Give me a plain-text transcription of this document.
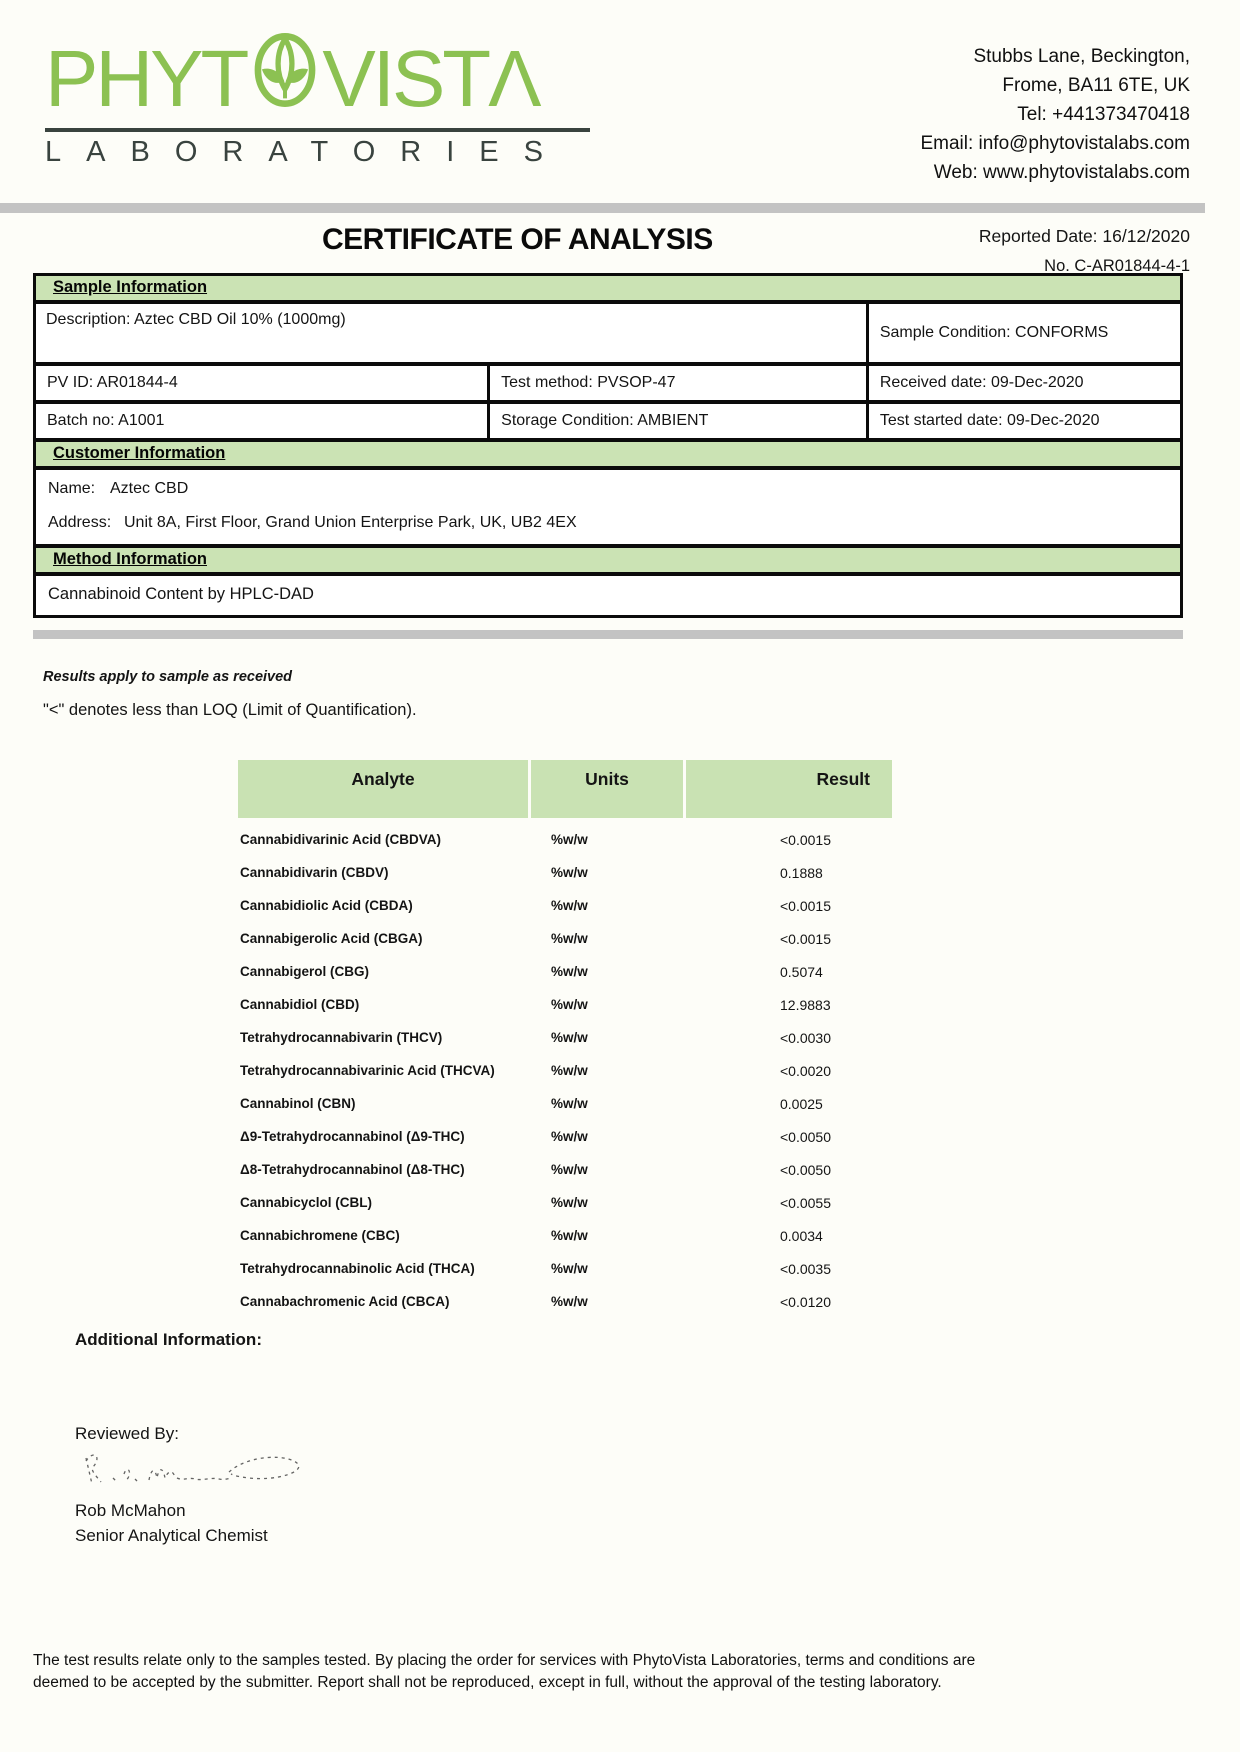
PHYT VISTΛ
LABORATORIES
Stubbs Lane, Beckington,
Frome, BA11 6TE, UK
Tel: +441373470418
Email: info@phytovistalabs.com
Web: www.phytovistalabs.com
CERTIFICATE OF ANALYSIS	Reported Date: 16/12/2020
No. C-AR01844-4-1
Sample Information
Description: Aztec CBD Oil 10% (1000mg)
Sample Condition: CONFORMS
PV ID: AR01844-4	Test method: PVSOP-47	Received date: 09-Dec-2020
Batch no: A1001	Storage Condition: AMBIENT	Test started date: 09-Dec-2020
Customer Information
Name: Aztec CBD
Address: Unit 8A, First Floor, Grand Union Enterprise Park, UK, UB2 4EX
Method Information
Cannabinoid Content by HPLC-DAD
Results apply to sample as received
"<" denotes less than LOQ (Limit of Quantification).
Analyte	Units	Result
Cannabidivarinic Acid (CBDVA)	%w/w	<0.0015
Cannabidivarin (CBDV)	%w/w	0.1888
Cannabidiolic Acid (CBDA)	%w/w	<0.0015
Cannabigerolic Acid (CBGA)	%w/w	<0.0015
Cannabigerol (CBG)	%w/w	0.5074
Cannabidiol (CBD)	%w/w	12.9883
Tetrahydrocannabivarin (THCV)	%w/w	<0.0030
Tetrahydrocannabivarinic Acid (THCVA)	%w/w	<0.0020
Cannabinol (CBN)	%w/w	0.0025
Δ9-Tetrahydrocannabinol (Δ9-THC)	%w/w	<0.0050
Δ8-Tetrahydrocannabinol (Δ8-THC)	%w/w	<0.0050
Cannabicyclol (CBL)	%w/w	<0.0055
Cannabichromene (CBC)	%w/w	0.0034
Tetrahydrocannabinolic Acid (THCA)	%w/w	<0.0035
Cannabachromenic Acid (CBCA)	%w/w	<0.0120
Additional Information:
Reviewed By:
Rob McMahon
Senior Analytical Chemist
The test results relate only to the samples tested. By placing the order for services with PhytoVista Laboratories, terms and conditions are
deemed to be accepted by the submitter. Report shall not be reproduced, except in full, without the approval of the testing laboratory.
